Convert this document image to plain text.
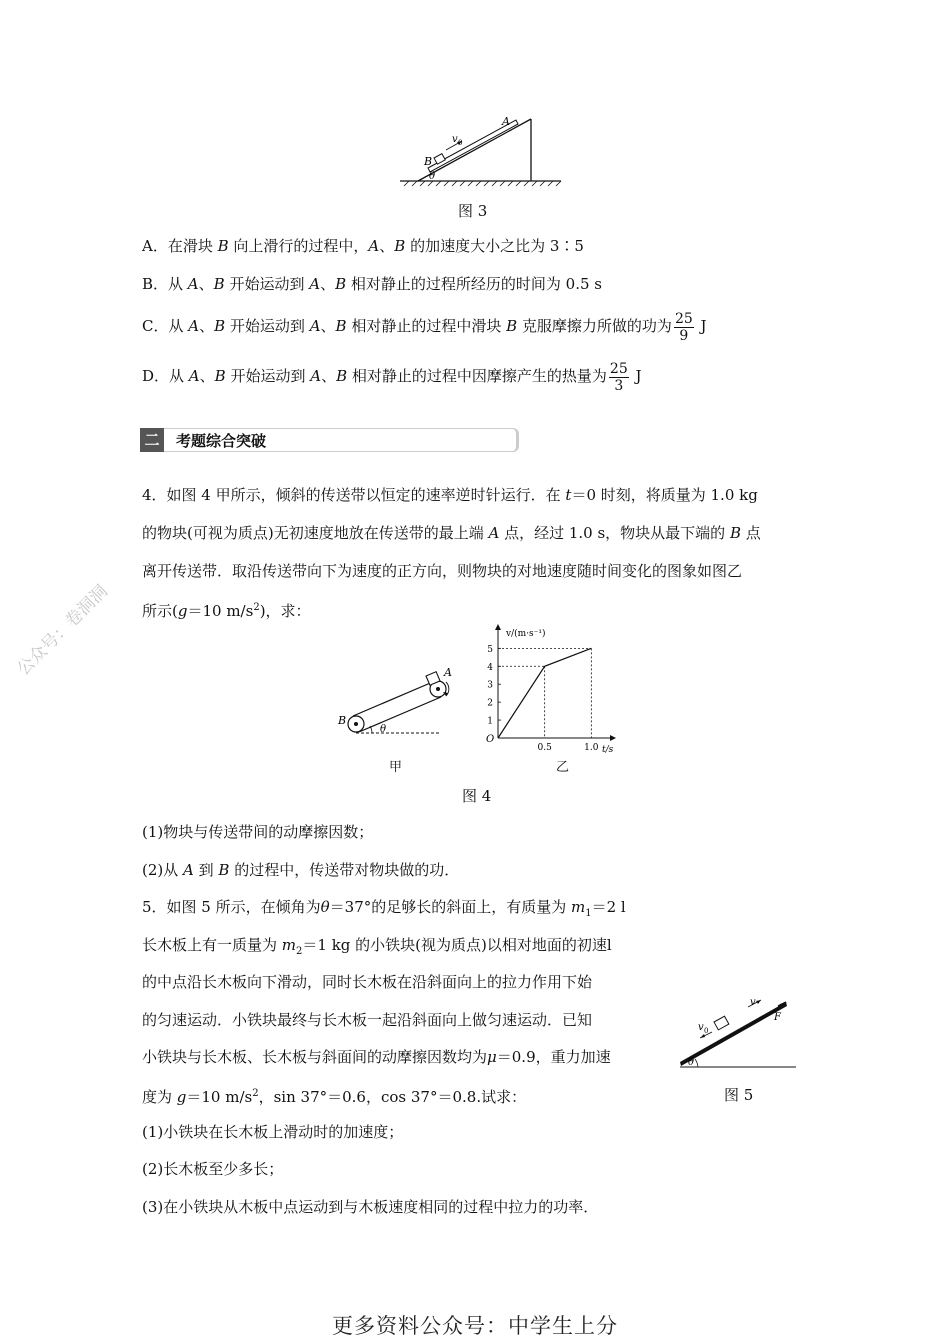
v 0
A
B
θ
图 3
A．在滑块 B 向上滑行的过程中，A、B 的加速度大小之比为 3∶5
B．从 A、B 开始运动到 A、B 相对静止的过程所经历的时间为 0.5 s
C．从 A、B 开始运动到 A、B 相对静止的过程中滑块 B 克服摩擦力所做的功为 $\frac{25}{9}$ J
D．从 A、B 开始运动到 A、B 相对静止的过程中因摩擦产生的热量为 $\frac{25}{3}$ J
二	考题综合突破
4．如图 4 甲所示，倾斜的传送带以恒定的速率逆时针运行．在 t＝0 时刻，将质量为 1.0 kg
的物块(可视为质点)无初速度地放在传送带的最上端 A 点，经过 1.0 s，物块从最下端的 B 点
离开传送带．取沿传送带向下为速度的正方向，则物块的对地速度随时间变化的图象如图乙
所示(g＝10 $m/s^2$)，求：
A
B
θ
甲
1
2
3
4
5
0.5	1.0
O
v/(m·s⁻¹)
t/s
乙
图 4
(1)物块与传送带间的动摩擦因数；
(2)从 A 到 B 的过程中，传送带对物块做的功．
5．如图 5 所示，在倾角为θ＝37°的足够长的斜面上，有质量为 $m_1=2$ l
长木板上有一质量为 $m_2=1$ kg 的小铁块(视为质点)以相对地面的初速l
的中点沿长木板向下滑动，同时长木板在沿斜面向上的拉力作用下始
的匀速运动．小铁块最终与长木板一起沿斜面向上做匀速运动．已知
小铁块与长木板、长木板与斜面间的动摩擦因数均为μ＝0.9，重力加速
度为 g＝10 $m/s^2$，sin 37°＝0.6，cos 37°＝0.8.试求：
v
F
v 0
θ
图 5
(1)小铁块在长木板上滑动时的加速度；
(2)长木板至少多长；
(3)在小铁块从木板中点运动到与木板速度相同的过程中拉力的功率．
公众号：卷洞洞
更多资料公众号：中学生上分
